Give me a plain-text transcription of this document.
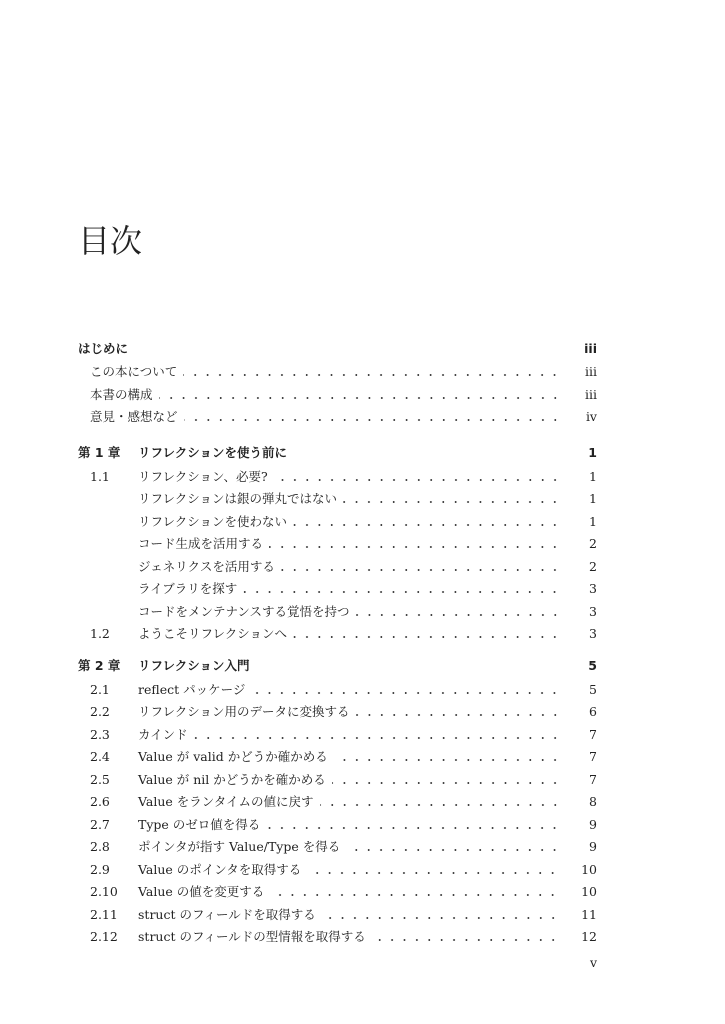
目次
はじめに	iii
この本について	iii
本書の構成	iii
意見・感想など	iv
第 1 章	リフレクションを使う前に	1
1.1	リフレクション、必要?	1
リフレクションは銀の弾丸ではない	1
リフレクションを使わない	1
コード生成を活用する	2
ジェネリクスを活用する	2
ライブラリを探す	3
コードをメンテナンスする覚悟を持つ	3
1.2	ようこそリフレクションへ	3
第 2 章	リフレクション入門	5
2.1	reflect パッケージ	5
2.2	リフレクション用のデータに変換する	6
2.3	カインド	7
2.4	Value が valid かどうか確かめる	7
2.5	Value が nil かどうかを確かめる	7
2.6	Value をランタイムの値に戻す	8
2.7	Type のゼロ値を得る	9
2.8	ポインタが指す Value/Type を得る	9
2.9	Value のポインタを取得する	10
2.10	Value の値を変更する	10
2.11	struct のフィールドを取得する	11
2.12	struct のフィールドの型情報を取得する	12
v
